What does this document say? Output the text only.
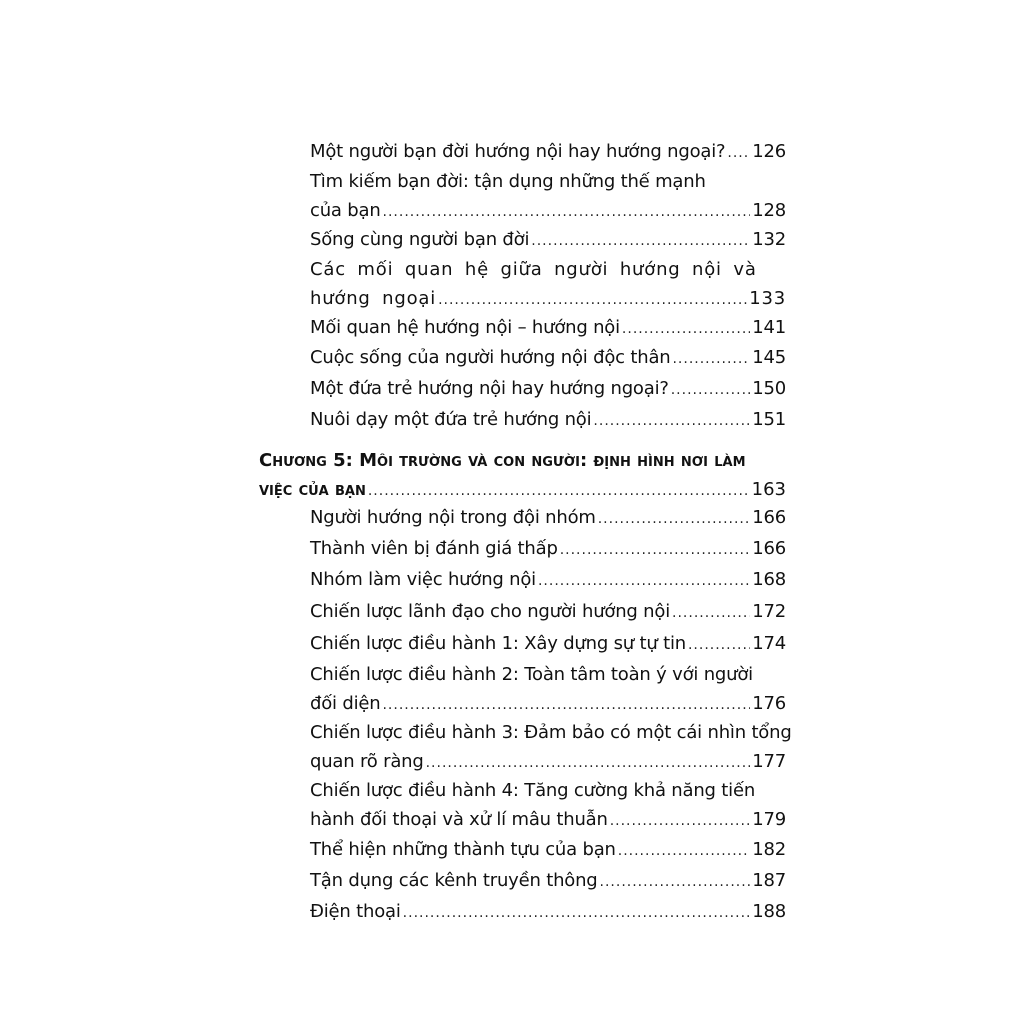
Một người bạn đời hướng nội hay hướng ngoại? ..... 126
Tìm kiếm bạn đời: tận dụng những thế mạnh
của bạn .....	128
Sống cùng người bạn đời .....	132
Các mối quan hệ giữa người hướng nội và
hướng ngoại .....	133
Mối quan hệ hướng nội – hướng nội .....	141
Cuộc sống của người hướng nội độc thân .....	145
Một đứa trẻ hướng nội hay hướng ngoại? .....	150
Nuôi dạy một đứa trẻ hướng nội .....	151
Chương 5: Môi trường và con người: định hình nơi làm
việc của bạn .....	163
Người hướng nội trong đội nhóm .....	166
Thành viên bị đánh giá thấp .....	166
Nhóm làm việc hướng nội .....	168
Chiến lược lãnh đạo cho người hướng nội .....	172
Chiến lược điều hành 1: Xây dựng sự tự tin .....	174
Chiến lược điều hành 2: Toàn tâm toàn ý với người
đối diện .....	176
Chiến lược điều hành 3: Đảm bảo có một cái nhìn tổng
quan rõ ràng .....	177
Chiến lược điều hành 4: Tăng cường khả năng tiến
hành đối thoại và xử lí mâu thuẫn .....	179
Thể hiện những thành tựu của bạn .....	182
Tận dụng các kênh truyền thông .....	187
Điện thoại .....	188
